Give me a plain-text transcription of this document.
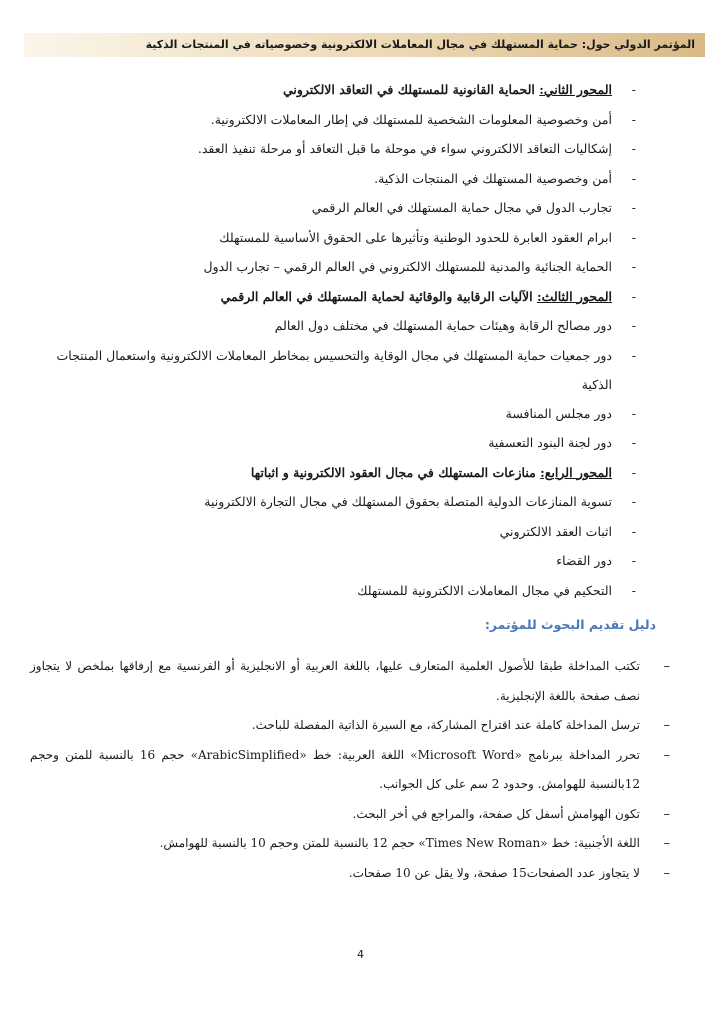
المؤتمر الدولي حول: حماية المستهلك في مجال المعاملات الالكترونية وخصوصياته في المنتجات الذكية
-
المحور الثاني: الحماية القانونية للمستهلك في التعاقد الالكتروني
-
أمن وخصوصية المعلومات الشخصية للمستهلك في إطار المعاملات الالكترونية.
-
إشكاليات التعاقد الالكتروني سواء في موحلة ما قبل التعاقد أو مرحلة تنفيذ العقد.
-
أمن وخصوصية المستهلك في المنتجات الذكية.
-
تجارب الدول في مجال حماية المستهلك في العالم الرقمي
-
ابرام العقود العابرة للحدود الوطنية وتأثيرها على الحقوق الأساسية للمستهلك
-
الحماية الجنائية والمدنية للمستهلك الالكتروني في العالم الرقمي – تجارب الدول
-
المحور الثالث: الآليات الرقابية والوقائية لحماية المستهلك في العالم الرقمي
-
دور مصالح الرقابة وهيئات حماية المستهلك في مختلف دول العالم
-
دور جمعيات حماية المستهلك في مجال الوقاية والتحسيس بمخاطر المعاملات الالكترونية واستعمال المنتجات الذكية
-
دور مجلس المنافسة
-
دور لجنة البنود التعسفية
-
المحور الرابع: منازعات المستهلك في مجال العقود الالكترونية و اثباتها
-
تسوية المنازعات الدولية المتصلة بحقوق المستهلك في مجال التجارة الالكترونية
-
اثبات العقد الالكتروني
-
دور القضاء
-
التحكيم في مجال المعاملات الالكترونية للمستهلك
دليل تقديم البحوث للمؤتمر:
–
تكتب المداخلة طبقا للأصول العلمية المتعارف عليها، باللغة العربية أو الانجليزية أو الفرنسية مع إرفاقها بملخص لا يتجاوز نصف صفحة باللغة الإنجليزية.
–
ترسل المداخلة كاملة عند اقتراح المشاركة، مع السيرة الذاتية المفصلة للباحث.
–
تحرر المداخلة ببرنامج «Microsoft Word» اللغة العربية: خط «ArabicSimplified» حجم 16 بالنسبة للمتن وحجم 12بالنسبة للهوامش. وحدود 2 سم على كل الجوانب.
–
تكون الهوامش أسفل كل صفحة، والمراجع في أخر البحث.
–
اللغة الأجنبية: خط «Times New Roman» حجم 12 بالنسبة للمتن وحجم 10 بالنسبة للهوامش.
–
لا يتجاوز عدد الصفحات15 صفحة، ولا يقل عن 10 صفحات.
4
